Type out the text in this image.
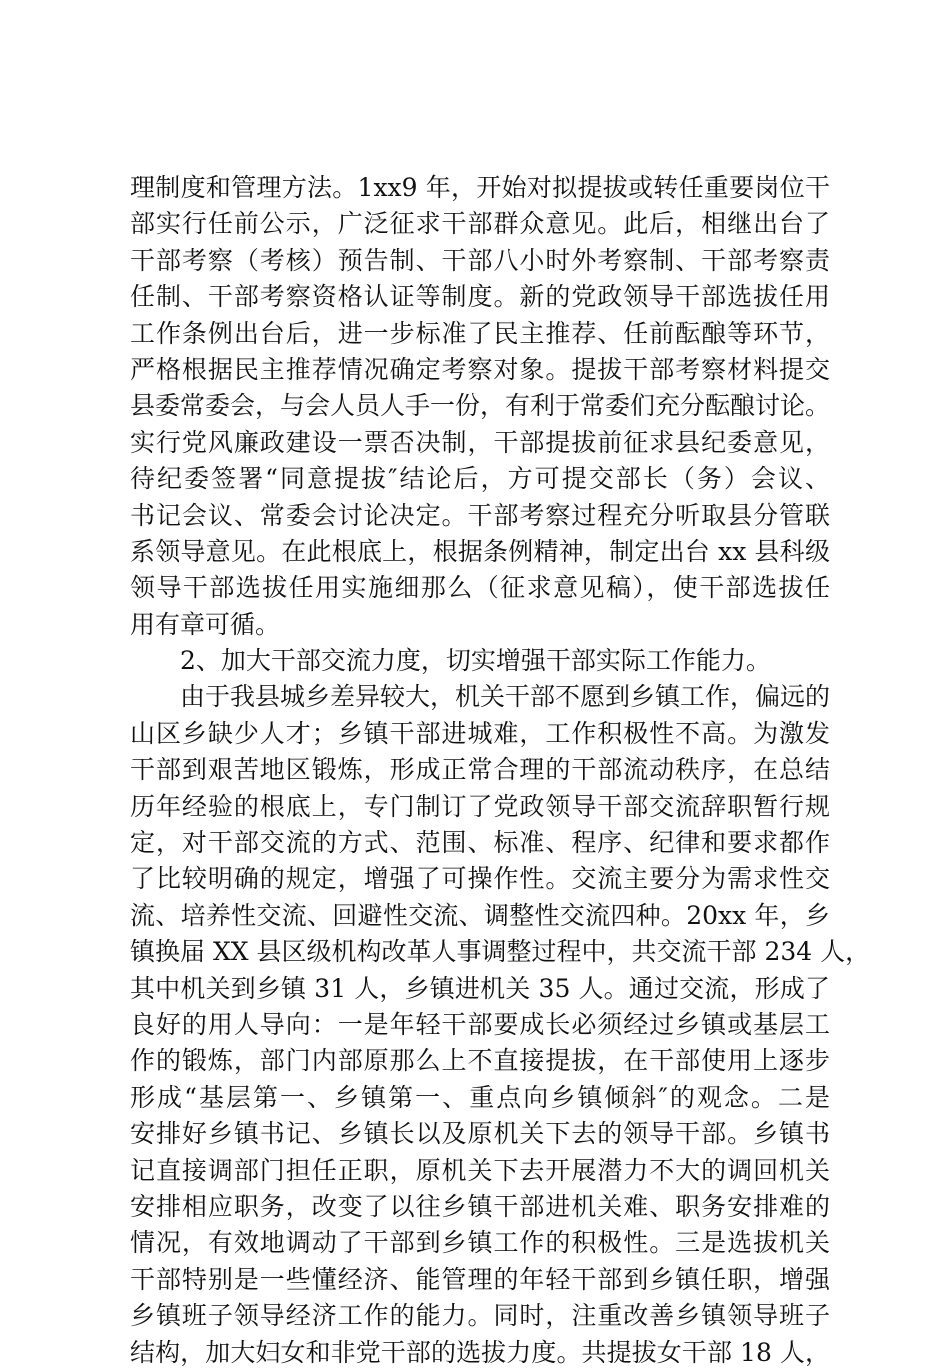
理制度和管理方法。1xx9 年，开始对拟提拔或转任重要岗位干
部实行任前公示，广泛征求干部群众意见。此后，相继出台了
干部考察（考核）预告制、干部八小时外考察制、干部考察责
任制、干部考察资格认证等制度。新的党政领导干部选拔任用
工作条例出台后，进一步标准了民主推荐、任前酝酿等环节，
严格根据民主推荐情况确定考察对象。提拔干部考察材料提交
县委常委会，与会人员人手一份，有利于常委们充分酝酿讨论。
实行党风廉政建设一票否决制，干部提拔前征求县纪委意见，
待纪委签署“同意提拔″结论后，方可提交部长（务）会议、
书记会议、常委会讨论决定。干部考察过程充分听取县分管联
系领导意见。在此根底上，根据条例精神，制定出台 xx 县科级
领导干部选拔任用实施细那么（征求意见稿），使干部选拔任
用有章可循。
2、加大干部交流力度，切实增强干部实际工作能力。
由于我县城乡差异较大，机关干部不愿到乡镇工作，偏远的
山区乡缺少人才；乡镇干部进城难，工作积极性不高。为激发
干部到艰苦地区锻炼，形成正常合理的干部流动秩序，在总结
历年经验的根底上，专门制订了党政领导干部交流辞职暂行规
定，对干部交流的方式、范围、标准、程序、纪律和要求都作
了比较明确的规定，增强了可操作性。交流主要分为需求性交
流、培养性交流、回避性交流、调整性交流四种。20xx 年，乡
镇换届 XX 县区级机构改革人事调整过程中，共交流干部 234 人，
其中机关到乡镇 31 人，乡镇进机关 35 人。通过交流，形成了
良好的用人导向：一是年轻干部要成长必须经过乡镇或基层工
作的锻炼，部门内部原那么上不直接提拔，在干部使用上逐步
形成“基层第一、乡镇第一、重点向乡镇倾斜″的观念。二是
安排好乡镇书记、乡镇长以及原机关下去的领导干部。乡镇书
记直接调部门担任正职，原机关下去开展潜力不大的调回机关
安排相应职务，改变了以往乡镇干部进机关难、职务安排难的
情况，有效地调动了干部到乡镇工作的积极性。三是选拔机关
干部特别是一些懂经济、能管理的年轻干部到乡镇任职，增强
乡镇班子领导经济工作的能力。同时，注重改善乡镇领导班子
结构，加大妇女和非党干部的选拔力度。共提拔女干部 18 人，
